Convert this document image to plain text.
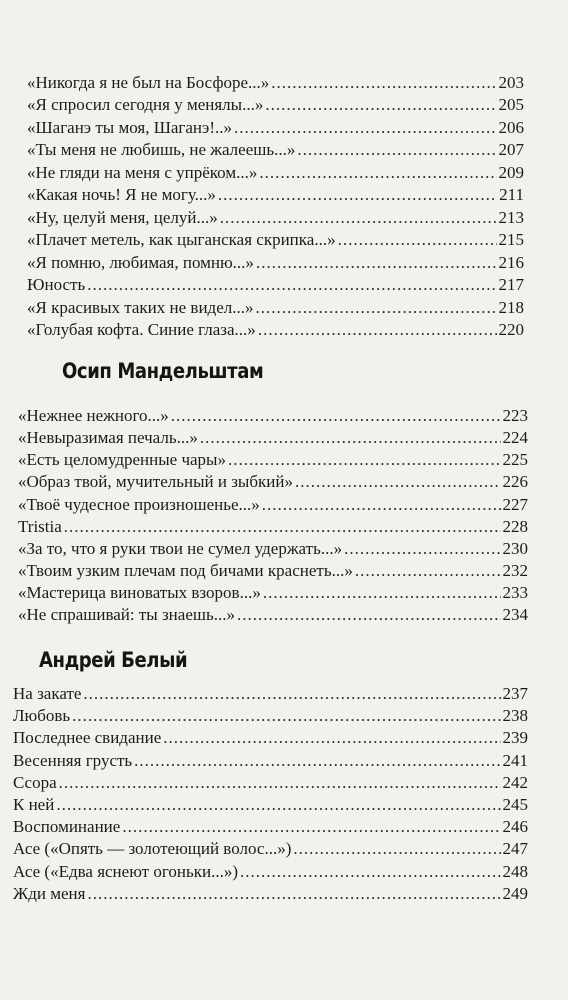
«Никогда я не был на Босфоре...» .....	203
«Я спросил сегодня у менялы...» .....	205
«Шаганэ ты моя, Шаганэ!..» .....	206
«Ты меня не любишь, не жалеешь...» .....	207
«Не гляди на меня с упрёком...» .....	209
«Какая ночь! Я не могу...» .....	211
«Ну, целуй меня, целуй...» .....	213
«Плачет метель, как цыганская скрипка...» .....	215
«Я помню, любимая, помню...» .....	216
Юность .....	217
«Я красивых таких не видел...» .....	218
«Голубая кофта. Синие глаза...» .....	220
Осип Мандельштам
«Нежнее нежного...» .....	223
«Невыразимая печаль...» .....	224
«Есть целомудренные чары» .....	225
«Образ твой, мучительный и зыбкий» .....	226
«Твоё чудесное произношенье...» .....	227
Tristia .....	228
«За то, что я руки твои не сумел удержать...» .....	230
«Твоим узким плечам под бичами краснеть...» .....	232
«Мастерица виноватых взоров...» .....	233
«Не спрашивай: ты знаешь...» .....	234
Андрей Белый
На закате .....	237
Любовь .....	238
Последнее свидание .....	239
Весенняя грусть .....	241
Ссора .....	242
К ней .....	245
Воспоминание .....	246
Асе («Опять — золотеющий волос...») .....	247
Асе («Едва яснеют огоньки...») .....	248
Жди меня .....	249
